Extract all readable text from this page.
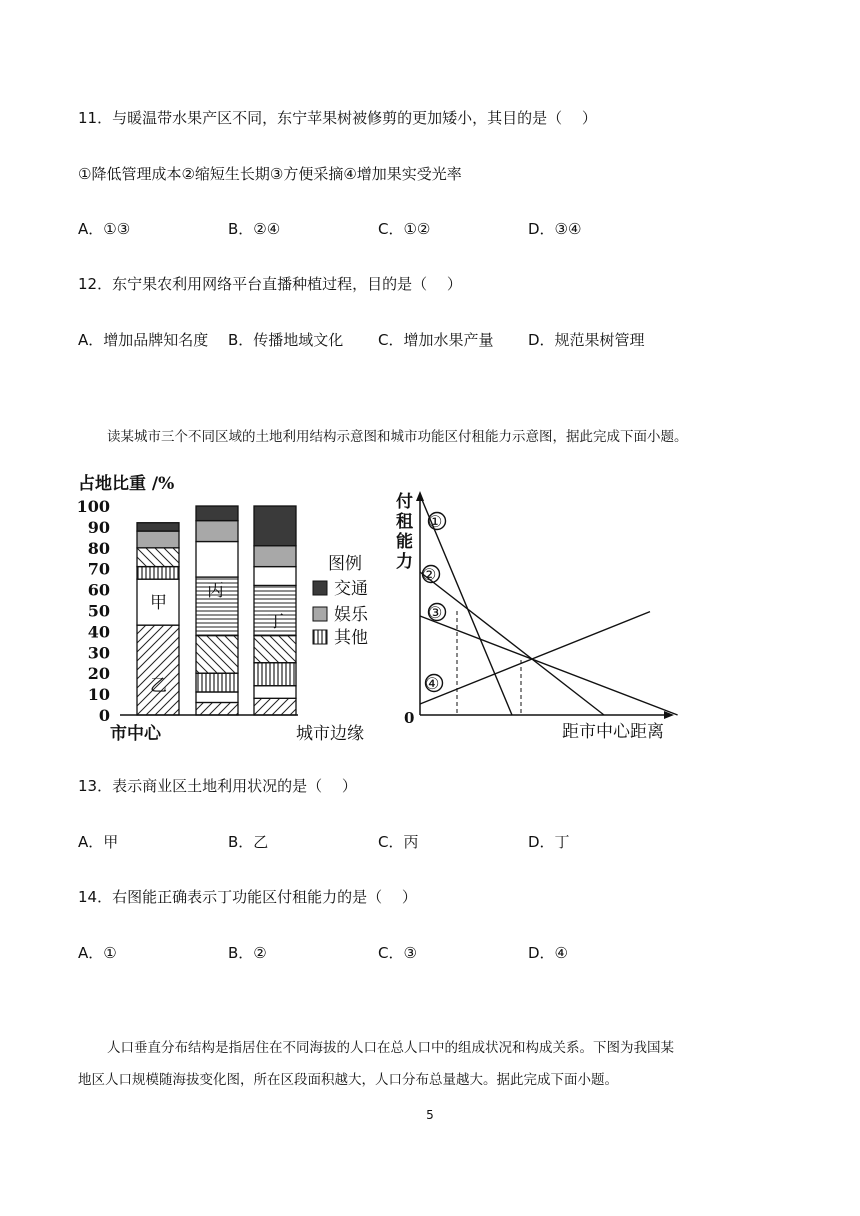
11．与暖温带水果产区不同，东宁苹果树被修剪的更加矮小，其目的是（　 ）
①降低管理成本②缩短生长期③方便采摘④增加果实受光率
A．①③	B．②④	C．①②	D．③④
12．东宁果农利用网络平台直播种植过程，目的是（　 ）
A．增加品牌知名度 B．传播地域文化 C．增加水果产量 D．规范果树管理
读某城市三个不同区域的土地利用结构示意图和城市功能区付租能力示意图，据此完成下面小题。
占地比重 /%
100
90
80
70
60
50
40
30
20
10
0
甲
丙
丁
乙
市中心	城市边缘
图例
交通
娱乐
其他
付
租
能
力
0
距市中心距离
①
②
③
④
13．表示商业区土地利用状况的是（　 ）
A．甲	B．乙	C．丙	D．丁
14．右图能正确表示丁功能区付租能力的是（　 ）
A．①	B．②	C．③	D．④
人口垂直分布结构是指居住在不同海拔的人口在总人口中的组成状况和构成关系。下图为我国某
地区人口规模随海拔变化图，所在区段面积越大，人口分布总量越大。据此完成下面小题。
5
